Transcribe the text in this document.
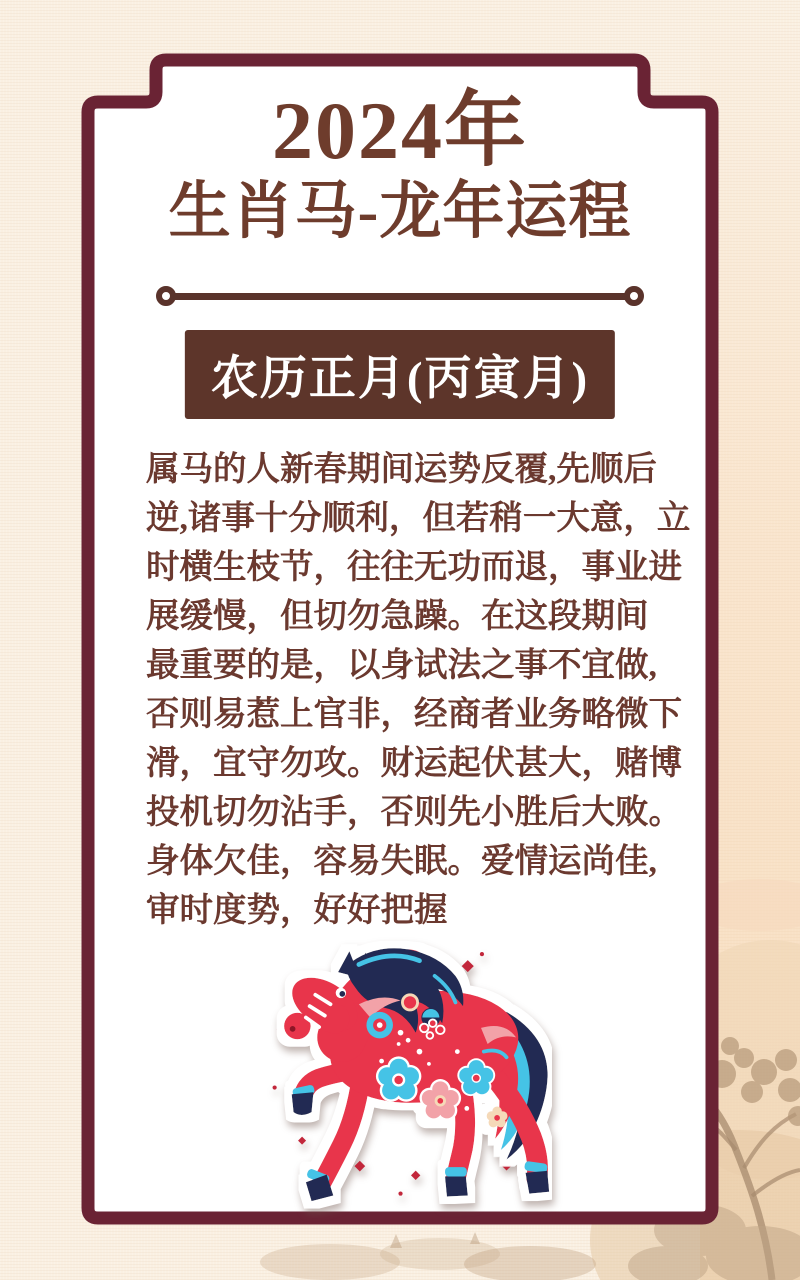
2024年
生肖马-龙年运程
农历正月(丙寅月)
属马的人新春期间运势反覆,先顺后
逆,诸事十分顺利，但若稍一大意，立
时横生枝节，往往无功而退，事业进
展缓慢，但切勿急躁。在这段期间
最重要的是，以身试法之事不宜做,
否则易惹上官非，经商者业务略微下
滑，宜守勿攻。财运起伏甚大，赌博
投机切勿沾手，否则先小胜后大败。
身体欠佳，容易失眠。爱情运尚佳,
审时度势，好好把握
